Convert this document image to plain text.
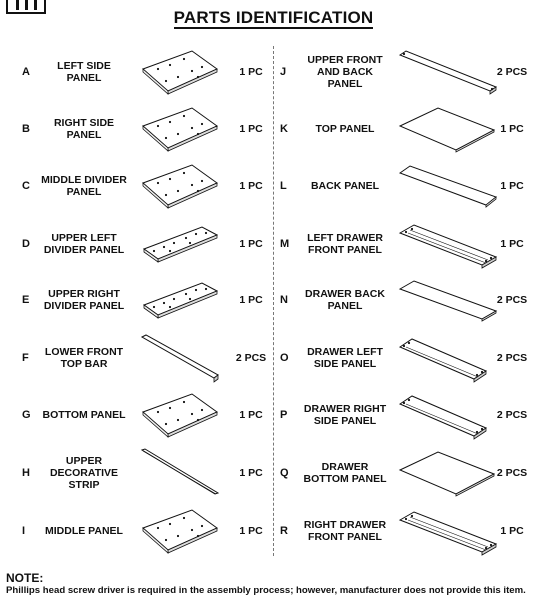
PARTS IDENTIFICATION
A	LEFT SIDE
PANEL	1 PC
B	RIGHT SIDE
PANEL	1 PC
C	MIDDLE DIVIDER
PANEL	1 PC
D	UPPER LEFT
DIVIDER PANEL	1 PC
E	UPPER RIGHT
DIVIDER PANEL	1 PC
F	LOWER FRONT
TOP BAR	2 PCS
G	BOTTOM PANEL	1 PC
H
UPPER
DECORATIVE
STRIP
1 PC
I	MIDDLE PANEL	1 PC
J
UPPER FRONT
AND BACK
PANEL
2 PCS
K	TOP PANEL	1 PC
L	BACK PANEL	1 PC
M	LEFT DRAWER
FRONT PANEL	1 PC
N	DRAWER BACK
PANEL	2 PCS
O	DRAWER LEFT
SIDE PANEL	2 PCS
P	DRAWER RIGHT
SIDE PANEL	2 PCS
Q	DRAWER
BOTTOM PANEL	2 PCS
R	RIGHT DRAWER
FRONT PANEL	1 PC
NOTE:
Phillips head screw driver is required in the assembly process; however, manufacturer does not provide this item.
